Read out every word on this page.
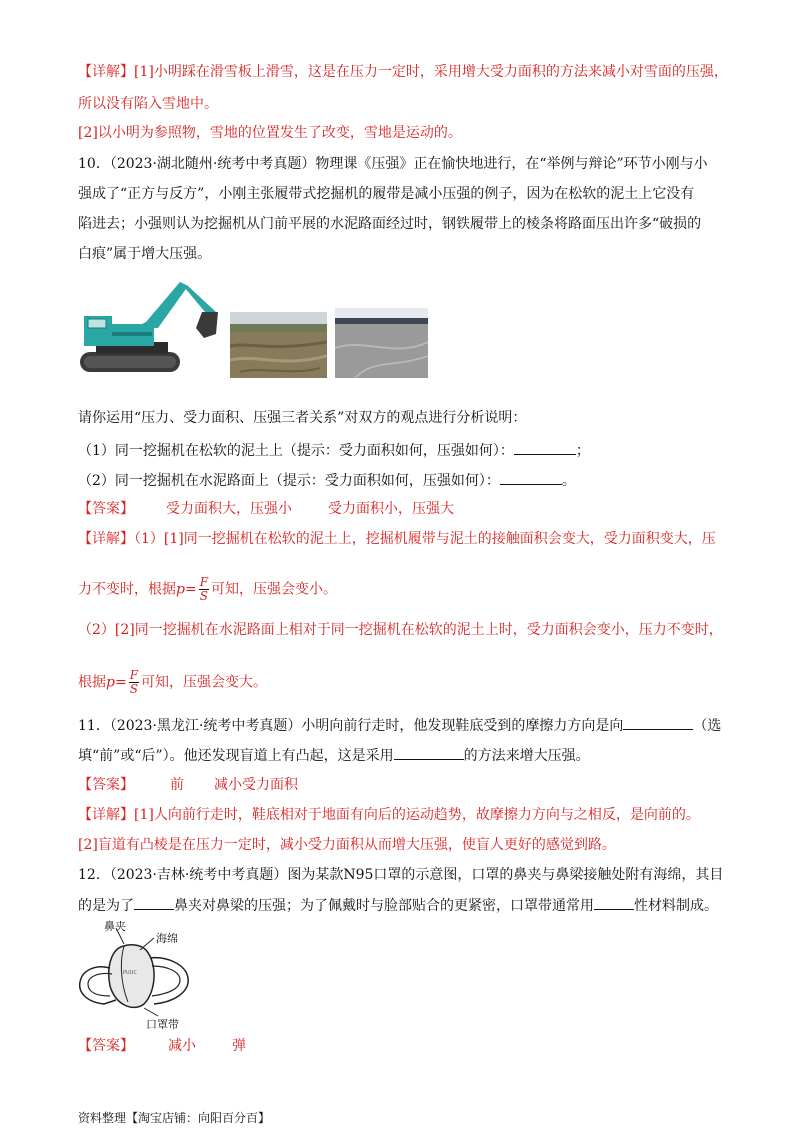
【详解】[1]小明踩在滑雪板上滑雪，这是在压力一定时，采用增大受力面积的方法来减小对雪面的压强，
所以没有陷入雪地中。
[2]以小明为参照物，雪地的位置发生了改变，雪地是运动的。
10．（2023·湖北随州·统考中考真题）物理课《压强》正在愉快地进行，在“举例与辩论”环节小刚与小
强成了“正方与反方”，小刚主张履带式挖掘机的履带是减小压强的例子，因为在松软的泥土上它没有
陷进去；小强则认为挖掘机从门前平展的水泥路面经过时，钢铁履带上的棱条将路面压出许多“破损的
白痕”属于增大压强。
请你运用“压力、受力面积、压强三者关系”对双方的观点进行分析说明：
（1）同一挖掘机在松软的泥土上（提示：受力面积如何，压强如何）：	；
（2）同一挖掘机在水泥路面上（提示：受力面积如何，压强如何）：	。
【答案】 受力面积大，压强小	受力面积小，压强大
【详解】（1）[1]同一挖掘机在松软的泥土上，挖掘机履带与泥土的接触面积会变大，受力面积变大，压
力不变时，根据$p= \frac{F}{S}$ 可知，压强会变小。
（2）[2]同一挖掘机在水泥路面上相对于同一挖掘机在松软的泥土上时，受力面积会变小，压力不变时，
根据$p= \frac{F}{S}$ 可知，压强会变大。
11．（2023·黑龙江·统考中考真题）小明向前行走时，他发现鞋底受到的摩擦力方向是向	（选
填“前”或“后”）。他还发现盲道上有凸起，这是采用	的方法来增大压强。
【答案】	前 减小受力面积
【详解】[1]人向前行走时，鞋底相对于地面有向后的运动趋势，故摩擦力方向与之相反，是向前的。
[2]盲道有凸棱是在压力一定时，减小受力面积从而增大压强，使盲人更好的感觉到路。
12．（2023·吉林·统考中考真题）图为某款N95口罩的示意图，口罩的鼻夹与鼻梁接触处附有海绵，其目
的是为了	鼻夹对鼻梁的压强；为了佩戴时与脸部贴合的更紧密，口罩带通常用	性材料制成。
鼻夹
海绵
口罩带
PUUC
【答案】 减小	弹
资料整理【淘宝店铺：向阳百分百】
